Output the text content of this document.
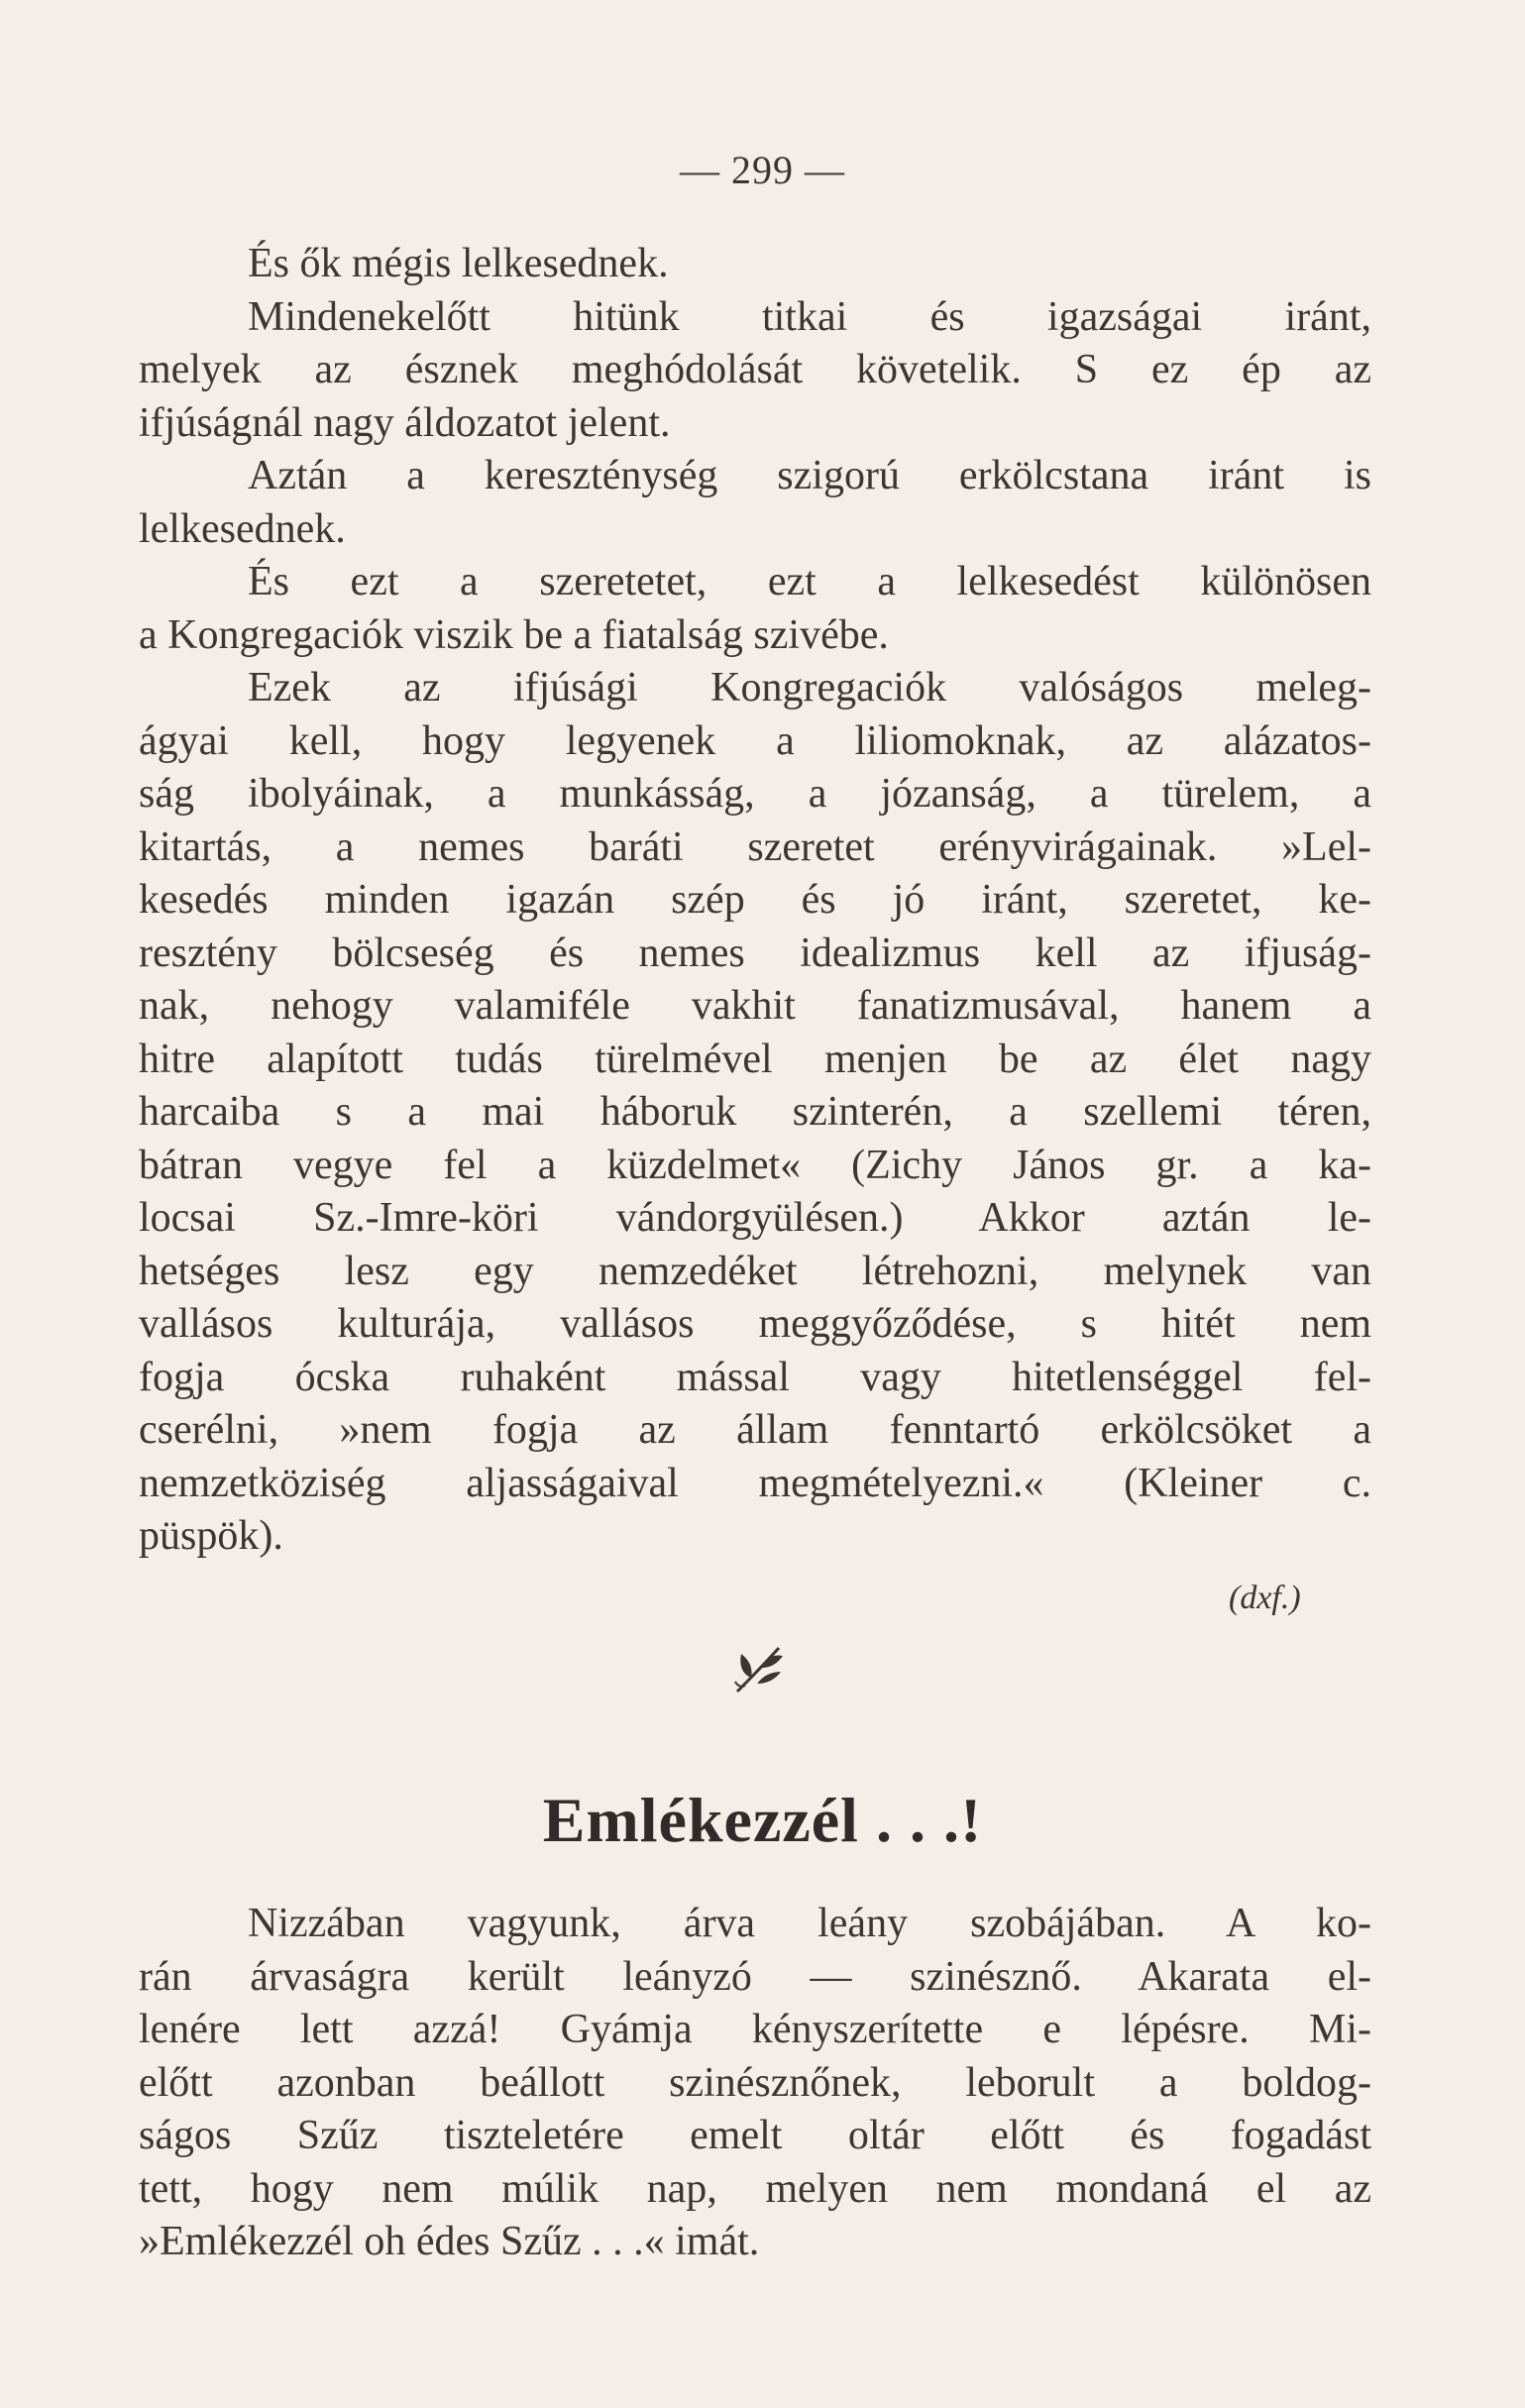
— 299 —
És ők mégis lelkesednek.
Mindenekelőtt hitünk titkai és igazságai iránt,
melyek az észnek meghódolását követelik. S ez ép az
ifjúságnál nagy áldozatot jelent.
Aztán a kereszténység szigorú erkölcstana iránt is
lelkesednek.
És ezt a szeretetet, ezt a lelkesedést különösen
a Kongregaciók viszik be a fiatalság szivébe.
Ezek az ifjúsági Kongregaciók valóságos meleg-
ágyai kell, hogy legyenek a liliomoknak, az alázatos-
ság ibolyáinak, a munkásság, a józanság, a türelem, a
kitartás, a nemes baráti szeretet erényvirágainak. »Lel-
kesedés minden igazán szép és jó iránt, szeretet, ke-
resztény bölcseség és nemes idealizmus kell az ifjuság-
nak, nehogy valamiféle vakhit fanatizmusával, hanem a
hitre alapított tudás türelmével menjen be az élet nagy
harcaiba s a mai háboruk szinterén, a szellemi téren,
bátran vegye fel a küzdelmet« (Zichy János gr. a ka-
locsai Sz.-Imre-köri vándorgyülésen.) Akkor aztán le-
hetséges lesz egy nemzedéket létrehozni, melynek van
vallásos kulturája, vallásos meggyőződése, s hitét nem
fogja ócska ruhaként mással vagy hitetlenséggel fel-
cserélni, »nem fogja az állam fenntartó erkölcsöket a
nemzetköziség aljasságaival megmételyezni.« (Kleiner c.
püspök).
(dxf.)
Emlékezzél . . .!
Nizzában vagyunk, árva leány szobájában. A ko-
rán árvaságra került leányzó — szinésznő. Akarata el-
lenére lett azzá! Gyámja kényszerítette e lépésre. Mi-
előtt azonban beállott szinésznőnek, leborult a boldog-
ságos Szűz tiszteletére emelt oltár előtt és fogadást
tett, hogy nem múlik nap, melyen nem mondaná el az
»Emlékezzél oh édes Szűz . . .« imát.
